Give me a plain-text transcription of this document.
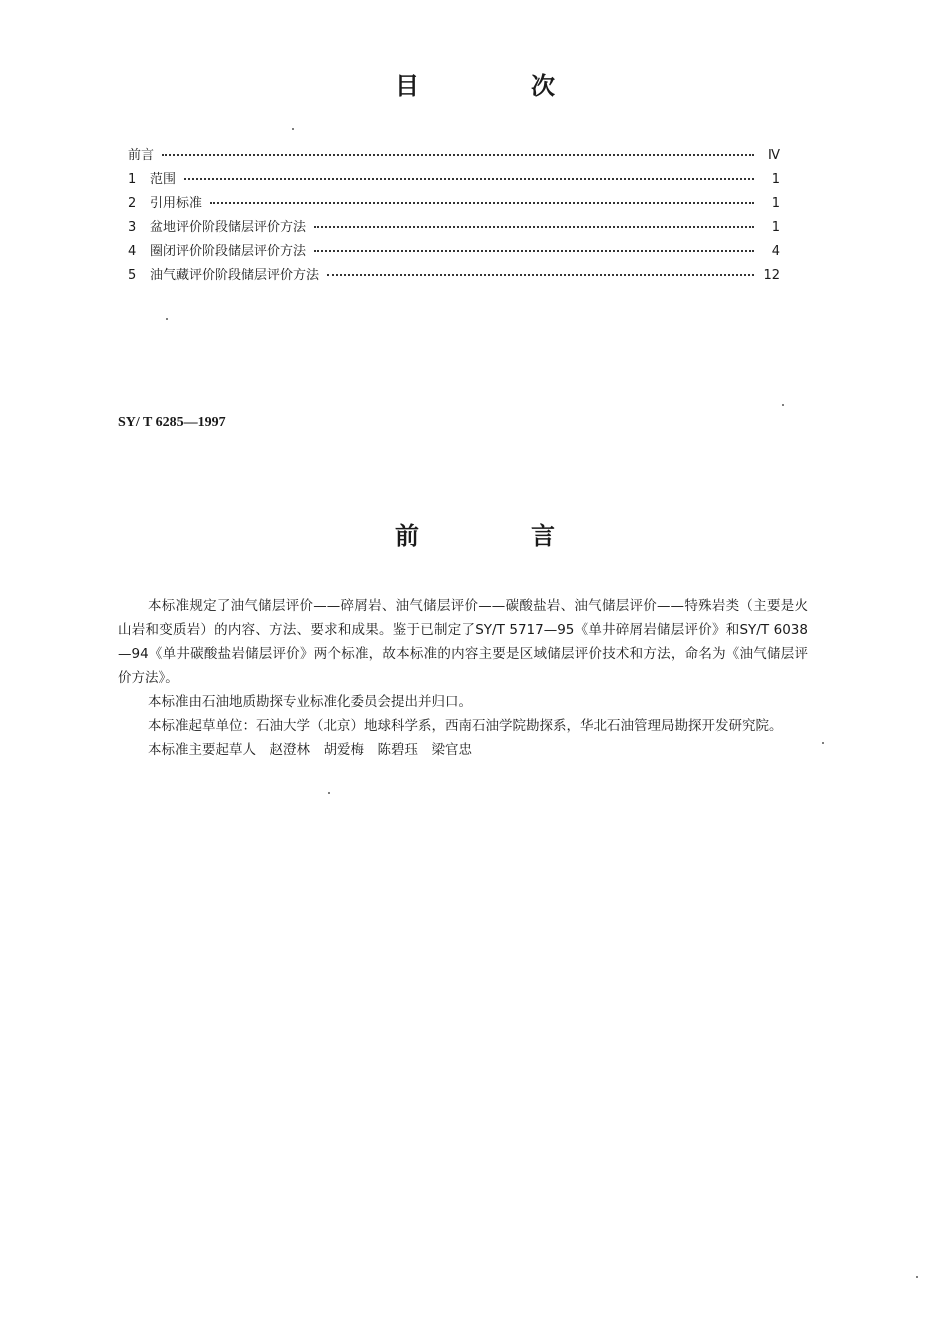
目　次
前言	Ⅳ
1	范围	1
2	引用标准	1
3	盆地评价阶段储层评价方法	1
4	圈闭评价阶段储层评价方法	4
5	油气藏评价阶段储层评价方法	12
SY/ T 6285—1997
前　言

本标准规定了油气储层评价——碎屑岩、油气储层评价——碳酸盐岩、油气储层评价——特殊岩类（主要是火山岩和变质岩）的内容、方法、要求和成果。鉴于已制定了SY/T 5717—95《单井碎屑岩储层评价》和SY/T 6038—94《单井碳酸盐岩储层评价》两个标准，故本标准的内容主要是区域储层评价技术和方法，命名为《油气储层评价方法》。

本标准由石油地质勘探专业标准化委员会提出并归口。

本标准起草单位：石油大学（北京）地球科学系，西南石油学院勘探系，华北石油管理局勘探开发研究院。

本标准主要起草人　赵澄林　胡爱梅　陈碧珏　梁官忠
